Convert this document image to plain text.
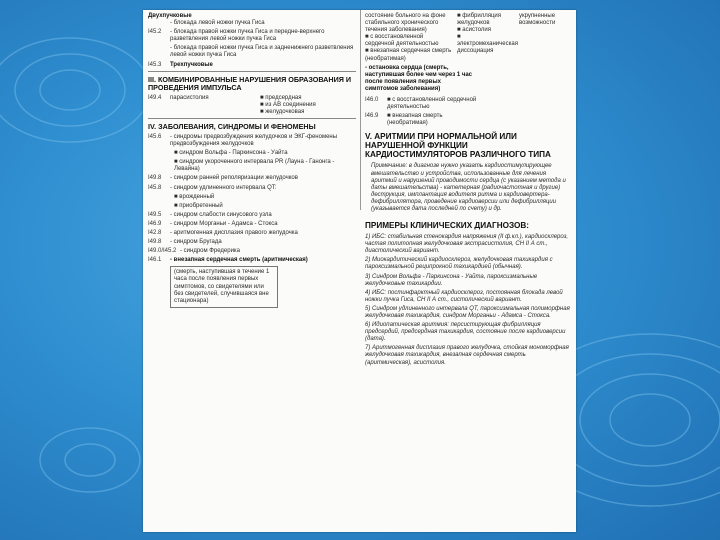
Двухпучковые
- блокада левой ножки пучка Гиса
I45.2	- блокада правой ножки пучка Гиса и передне-верхнего разветвления левой ножки пучка Гиса
- блокада правой ножки пучка Гиса и задненижнего разветвления левой ножки пучка Гиса
I45.3	Трехпучковые
III. КОМБИНИРОВАННЫЕ НАРУШЕНИЯ ОБРАЗОВАНИЯ И ПРОВЕДЕНИЯ ИМПУЛЬСА
I49.4	парасистолия	■ предсердная
■ из АВ соединения
■ желудочковая
IV. ЗАБОЛЕВАНИЯ, СИНДРОМЫ И ФЕНОМЕНЫ
I45.6	- синдромы предвозбуждения желудочков и ЭКГ-феномены предвозбуждения желудочков
■ синдром Вольфа - Паркинсона - Уайта
■ синдром укороченного интервала PR (Лауна - Ганонга - Левайна)
I49.8	- синдром ранней реполяризации желудочков
I45.8	- синдром удлиненного интервала QT:
■ врожденный
■ приобретенный
I49.5	- синдром слабости синусового узла
I46.9	- синдром Морганьи - Адамса - Стокса
I42.8	- аритмогенная дисплазия правого желудочка
I49.8	- синдром Бругада
I49.0/I45.2 - синдром Фредерика
I46.1	- внезапная сердечная смерть (аритмическая)
(смерть, наступившая в течение 1 часа после появления первых симптомов, со свидетелями или без свидетелей, случившаяся вне стационара)
состояние больного на фоне стабильного хронического течения заболевания)
■ с восстановленной сердечной деятельностью
■ внезапная сердечная смерть (необратимая)
■ фибрилляция желудочков
■ асистолия
■ электромеханическая диссоциация
укрупненные возможности
- остановка сердца (смерть, наступившая более чем через 1 час после появления первых симптомов заболевания)
I46.0	■ с восстановленной сердечной деятельностью
I46.9	■ внезапная смерть (необратимая)
V. АРИТМИИ ПРИ НОРМАЛЬНОЙ ИЛИ НАРУШЕННОЙ ФУНКЦИИ КАРДИОСТИМУЛЯТОРОВ РАЗЛИЧНОГО ТИПА
Примечание: в диагнозе нужно указать кардиостимулирующее вмешательство и устройства, использованные для лечения аритмий и нарушений проводимости сердца (с указанием метода и даты вмешательства) - катетерная (радиочастотная и другие) деструкция, имплантация водителя ритма и кардиовертера-дефибриллятора, проведение кардиоверсии или дефибрилляции (указывается дата последней по счету) и др.
ПРИМЕРЫ КЛИНИЧЕСКИХ ДИАГНОЗОВ:
1) ИБС: стабильная стенокардия напряжения (II ф.кл.), кардиосклероз, частая политопная желудочковая экстрасистолия, СН II А ст., диастолический вариант.
2) Миокардитический кардиосклероз, желудочковая тахикардия с пароксизмальной реципрокной тахикардией (обычная).
3) Синдром Вольфа - Паркинсона - Уайта, пароксизмальные желудочковые тахикардии.
4) ИБС: постинфарктный кардиосклероз, постоянная блокада левой ножки пучка Гиса, СН II А ст., систолический вариант.
5) Синдром удлиненного интервала QT, пароксизмальная полиморфная желудочковая тахикардия, синдром Морганьи - Адамса - Стокса.
6) Идиопатическая аритмия: персистирующая фибрилляция предсердий, предсердная тахикардия, состояние после кардиоверсии (дата).
7) Аритмогенная дисплазия правого желудочка, стойкая мономорфная желудочковая тахикардия, внезапная сердечная смерть (аритмическая), асистолия.
